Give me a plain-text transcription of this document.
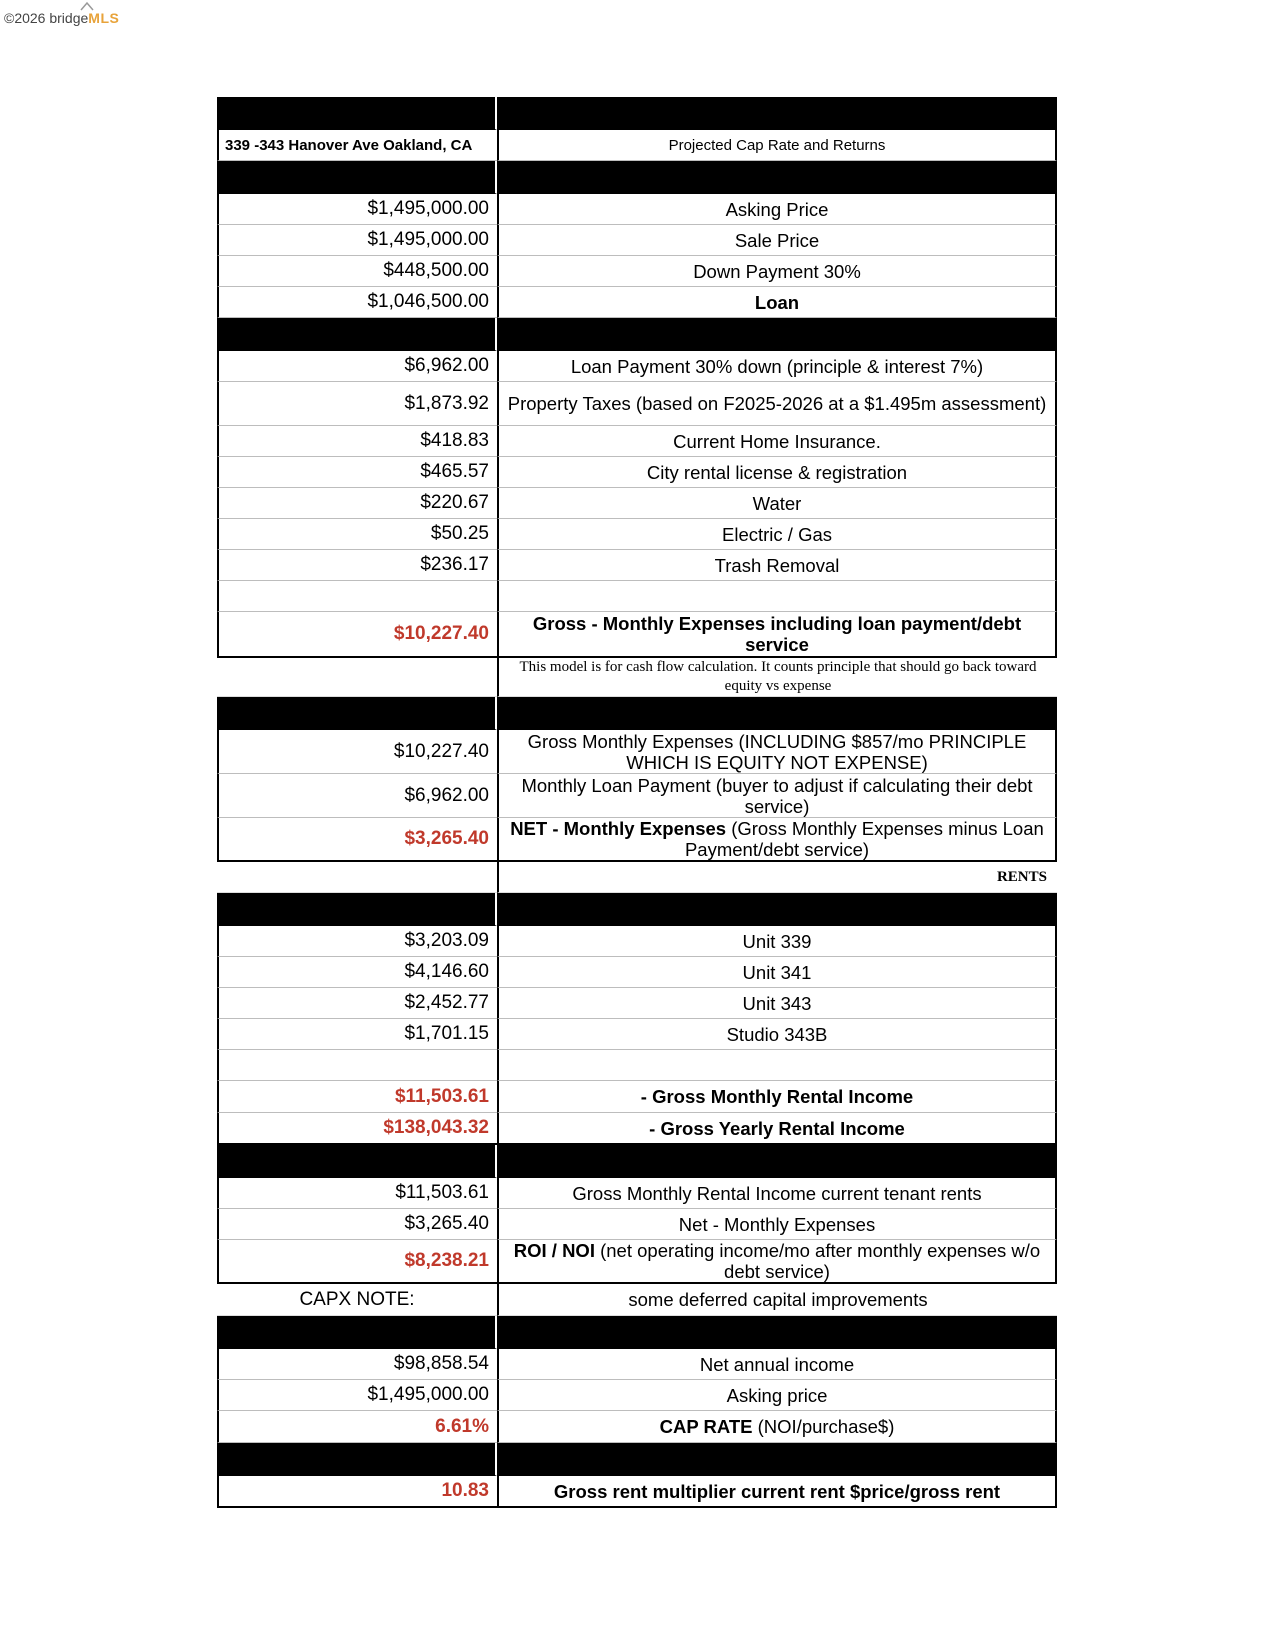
©2026 bridgeMLS
339 -343 Hanover Ave Oakland, CA	Projected Cap Rate and Returns
$1,495,000.00	Asking Price
$1,495,000.00	Sale Price
$448,500.00	Down Payment 30%
$1,046,500.00	Loan
$6,962.00	Loan Payment 30% down (principle & interest 7%)
$1,873.92	Property Taxes (based on F2025-2026 at a $1.495m assessment)
$418.83	Current Home Insurance.
$465.57	City rental license & registration
$220.67	Water
$50.25	Electric / Gas
$236.17	Trash Removal
$10,227.40	Gross - Monthly Expenses including loan payment/debt service
This model is for cash flow calculation. It counts principle that should go back toward equity vs expense
$10,227.40	Gross Monthly Expenses (INCLUDING $857/mo PRINCIPLE WHICH IS EQUITY NOT EXPENSE)
$6,962.00	Monthly Loan Payment (buyer to adjust if calculating their debt service)
$3,265.40	NET - Monthly Expenses (Gross Monthly Expenses minus Loan Payment/debt service)
RENTS
$3,203.09	Unit 339
$4,146.60	Unit 341
$2,452.77	Unit 343
$1,701.15	Studio 343B
$11,503.61	- Gross Monthly Rental Income
$138,043.32	- Gross Yearly Rental Income
$11,503.61	Gross Monthly Rental Income current tenant rents
$3,265.40	Net - Monthly Expenses
$8,238.21	ROI / NOI (net operating income/mo after monthly expenses w/o debt service)
CAPX NOTE:	some deferred capital improvements
$98,858.54	Net annual income
$1,495,000.00	Asking price
6.61%	CAP RATE (NOI/purchase$)
10.83	Gross rent multiplier current rent $price/gross rent
